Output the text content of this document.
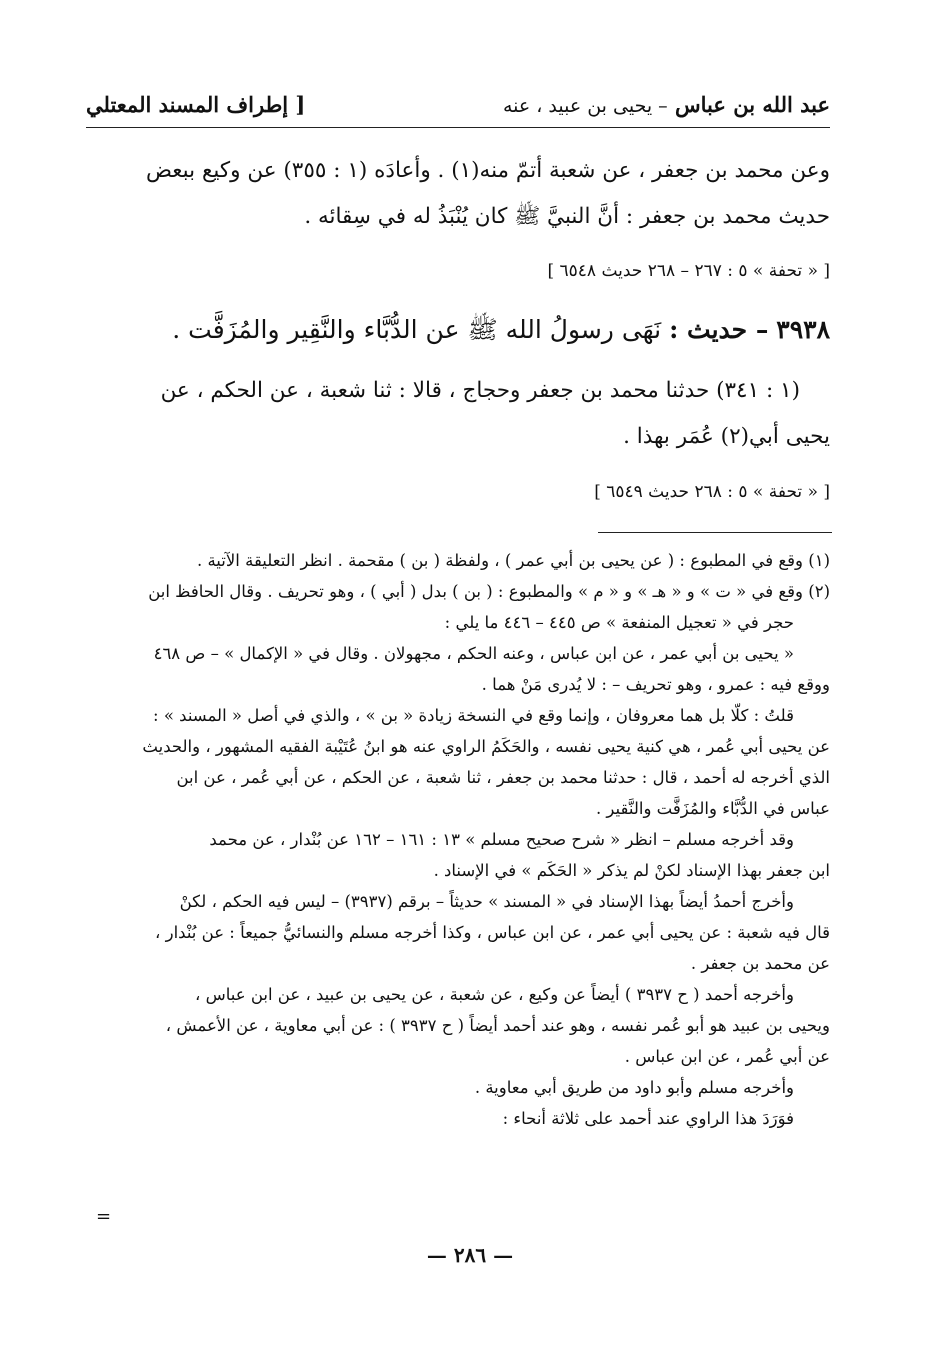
عبد الله بن عباس – يحيى بن عبيد ، عنه
[ إطراف المسند المعتلي
وعن محمد بن جعفر ، عن شعبة أتمّ منه(١) . وأعادَه (١ : ٣٥٥) عن وكيع ببعض
حديث محمد بن جعفر : أنَّ النبيَّ ﷺ كان يُنْبَذُ له في سِقائه .
[ « تحفة » ٥ : ٢٦٧ – ٢٦٨ حديث ٦٥٤٨ ]
٣٩٣٨ – حديث : نَهَى رسولُ الله ﷺ عن الدُّبَّاء والنَّقِير والمُزَفَّت .
(١ : ٣٤١) حدثنا محمد بن جعفر وحجاج ، قالا : ثنا شعبة ، عن الحكم ، عن
يحيى أبي(٢) عُمَر بهذا .
[ « تحفة » ٥ : ٢٦٨ حديث ٦٥٤٩ ]
(١) وقع في المطبوع : ( عن يحيى بن أبي عمر ) ، ولفظة ( بن ) مقحمة . انظر التعليقة الآتية .
(٢) وقع في « ت » و « هـ » و « م » والمطبوع : ( بن ) بدل ( أبي ) ، وهو تحريف . وقال الحافظ ابن
حجر في « تعجيل المنفعة » ص ٤٤٥ – ٤٤٦ ما يلي :
« يحيى بن أبي عمر ، عن ابن عباس ، وعنه الحكم ، مجهولان . وقال في « الإكمال » – ص ٤٦٨
ووقع فيه : عمرو ، وهو تحريف – : لا يُدرى مَنْ هما .
قلتُ : كلّا بل هما معروفان ، وإنما وقع في النسخة زيادة « بن » ، والذي في أصل « المسند » :
عن يحيى أبي عُمر ، هي كنية يحيى نفسه ، والحَكَمُ الراوي عنه هو ابنُ عُتَيْبة الفقيه المشهور ، والحديث
الذي أخرجه له أحمد ، قال : حدثنا محمد بن جعفر ، ثنا شعبة ، عن الحكم ، عن أبي عُمر ، عن ابن
عباس في الدُّبَّاء والمُزَفَّت والنَّقير .
وقد أخرجه مسلم – انظر « شرح صحيح مسلم » ١٣ : ١٦١ – ١٦٢ عن بُنْدار ، عن محمد
ابن جعفر بهذا الإسناد لكنْ لم يذكر « الحَكَم » في الإسناد .
وأخرج أحمدُ أيضاً بهذا الإسناد في « المسند » حديثاً – برقم (٣٩٣٧) – ليس فيه الحكم ، لكنْ
قال فيه شعبة : عن يحيى أبي عمر ، عن ابن عباس ، وكذا أخرجه مسلم والنسائيُّ جميعاً : عن بُنْدار ،
عن محمد بن جعفر .
وأخرجه أحمد ( ح ٣٩٣٧ ) أيضاً عن وكيع ، عن شعبة ، عن يحيى بن عبيد ، عن ابن عباس ،
ويحيى بن عبيد هو أبو عُمر نفسه ، وهو عند أحمد أيضاً ( ح ٣٩٣٧ ) : عن أبي معاوية ، عن الأعمش ،
عن أبي عُمر ، عن ابن عباس .
وأخرجه مسلم وأبو داود من طريق أبي معاوية .
فوَرَدَ هذا الراوي عند أحمد على ثلاثة أنحاء :
=
— ٢٨٦ —
